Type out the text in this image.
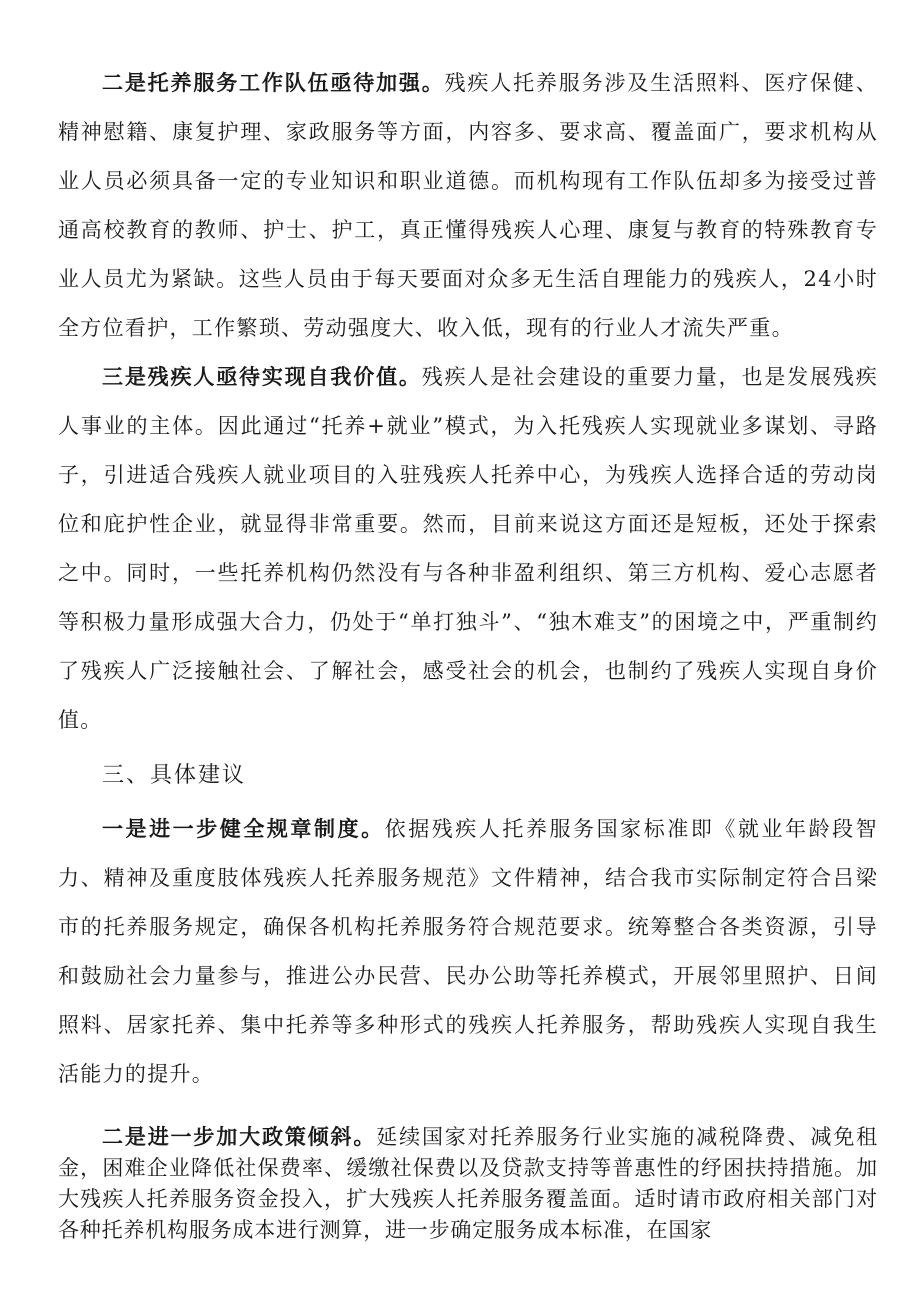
二是托养服务工作队伍亟待加强。残疾人托养服务涉及生活照料、医疗保健、精神慰籍、康复护理、家政服务等方面，内容多、要求高、覆盖面广，要求机构从业人员必须具备一定的专业知识和职业道德。而机构现有工作队伍却多为接受过普通高校教育的教师、护士、护工，真正懂得残疾人心理、康复与教育的特殊教育专业人员尤为紧缺。这些人员由于每天要面对众多无生活自理能力的残疾人，24小时全方位看护，工作繁琐、劳动强度大、收入低，现有的行业人才流失严重。

三是残疾人亟待实现自我价值。残疾人是社会建设的重要力量，也是发展残疾人事业的主体。因此通过“托养+就业”模式，为入托残疾人实现就业多谋划、寻路子，引进适合残疾人就业项目的入驻残疾人托养中心，为残疾人选择合适的劳动岗位和庇护性企业，就显得非常重要。然而，目前来说这方面还是短板，还处于探索之中。同时，一些托养机构仍然没有与各种非盈利组织、第三方机构、爱心志愿者等积极力量形成强大合力，仍处于“单打独斗”、“独木难支”的困境之中，严重制约了残疾人广泛接触社会、了解社会，感受社会的机会，也制约了残疾人实现自身价值。

三、具体建议

一是进一步健全规章制度。依据残疾人托养服务国家标准即《就业年龄段智力、精神及重度肢体残疾人托养服务规范》文件精神，结合我市实际制定符合吕梁市的托养服务规定，确保各机构托养服务符合规范要求。统筹整合各类资源，引导和鼓励社会力量参与，推进公办民营、民办公助等托养模式，开展邻里照护、日间照料、居家托养、集中托养等多种形式的残疾人托养服务，帮助残疾人实现自我生活能力的提升。

二是进一步加大政策倾斜。延续国家对托养服务行业实施的减税降费、减免租金，困难企业降低社保费率、缓缴社保费以及贷款支持等普惠性的纾困扶持措施。加大残疾人托养服务资金投入，扩大残疾人托养服务覆盖面。适时请市政府相关部门对各种托养机构服务成本进行测算，进一步确定服务成本标准，在国家
